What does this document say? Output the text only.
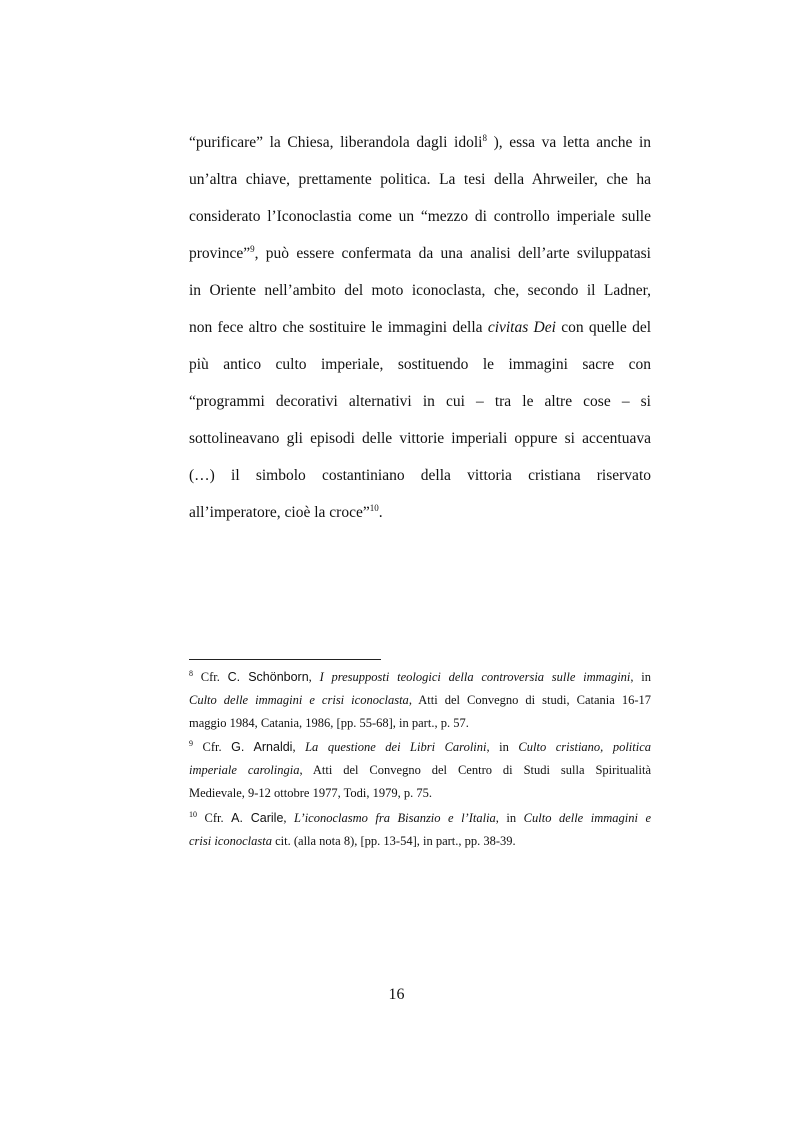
“purificare” la Chiesa, liberandola dagli idoli$^8$ ), essa va letta anche in
un’altra chiave, prettamente politica. La tesi della Ahrweiler, che ha
considerato l’Iconoclastia come un “mezzo di controllo imperiale sulle
province”$^9$, può essere confermata da una analisi dell’arte sviluppatasi
in Oriente nell’ambito del moto iconoclasta, che, secondo il Ladner,
non fece altro che sostituire le immagini della civitas Dei con quelle del
più antico culto imperiale, sostituendo le immagini sacre con
“programmi decorativi alternativi in cui – tra le altre cose – si
sottolineavano gli episodi delle vittorie imperiali oppure si accentuava
(…) il simbolo costantiniano della vittoria cristiana riservato
all’imperatore, cioè la croce”$^{10}$.
$^8$ Cfr. C. Schönborn, I presupposti teologici della controversia sulle immagini, in
Culto delle immagini e crisi iconoclasta, Atti del Convegno di studi, Catania 16-17
maggio 1984, Catania, 1986, [pp. 55-68], in part., p. 57.
$^9$ Cfr. G. Arnaldi, La questione dei Libri Carolini, in Culto cristiano, politica
imperiale carolingia, Atti del Convegno del Centro di Studi sulla Spiritualità
Medievale, 9-12 ottobre 1977, Todi, 1979, p. 75.
$^{10}$ Cfr. A. Carile, L’iconoclasmo fra Bisanzio e l’Italia, in Culto delle immagini e
crisi iconoclasta cit. (alla nota 8), [pp. 13-54], in part., pp. 38-39.
16
